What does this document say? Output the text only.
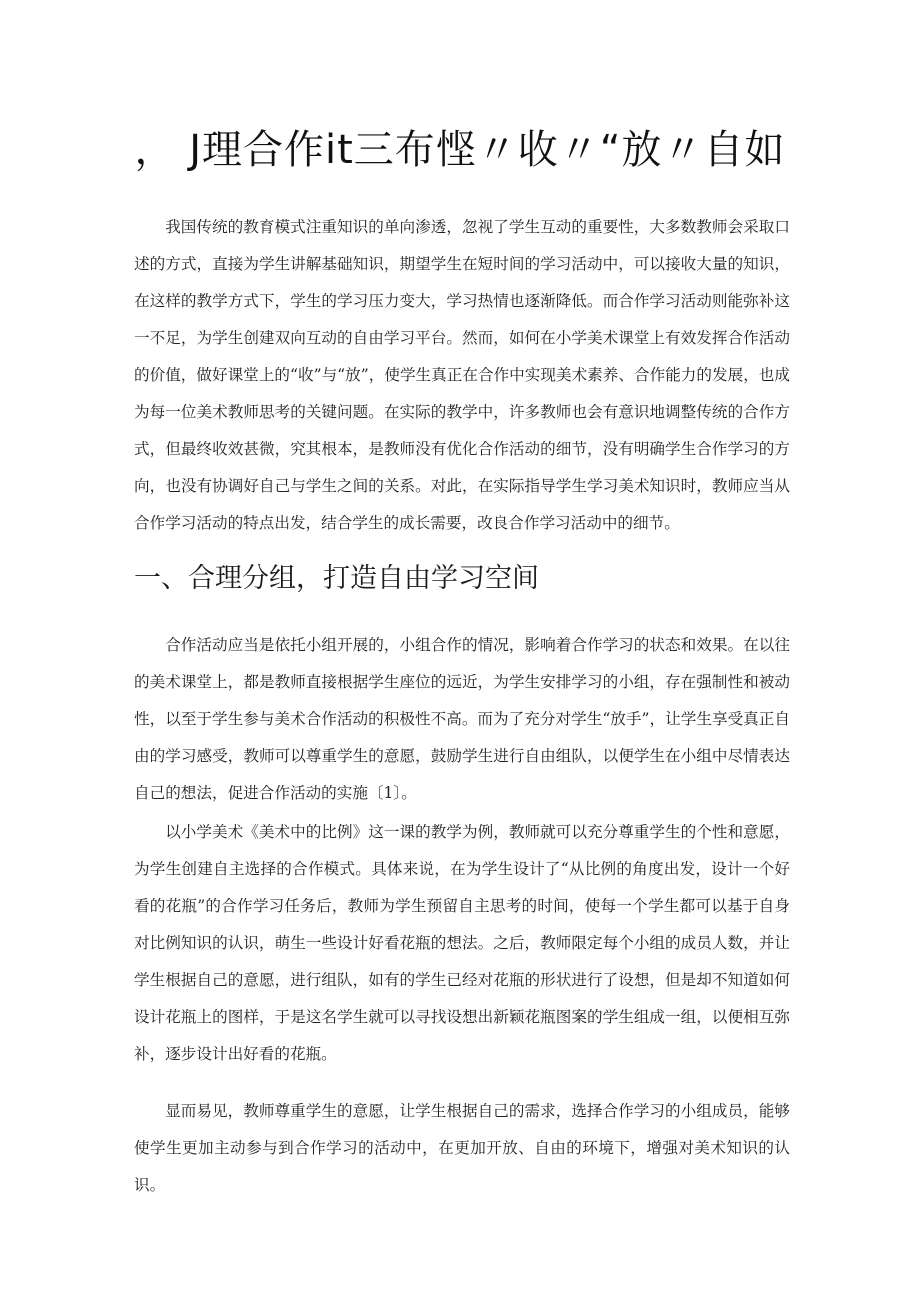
， J理合作it三布悭〃收〃“放〃自如

我国传统的教育模式注重知识的单向渗透，忽视了学生互动的重要性，大多数教师会采取口述的方式，直接为学生讲解基础知识，期望学生在短时间的学习活动中，可以接收大量的知识，在这样的教学方式下，学生的学习压力变大，学习热情也逐渐降低。而合作学习活动则能弥补这一不足，为学生创建双向互动的自由学习平台。然而，如何在小学美术课堂上有效发挥合作活动的价值，做好课堂上的“收”与“放”，使学生真正在合作中实现美术素养、合作能力的发展，也成为每一位美术教师思考的关键问题。在实际的教学中，许多教师也会有意识地调整传统的合作方式，但最终收效甚微，究其根本，是教师没有优化合作活动的细节，没有明确学生合作学习的方向，也没有协调好自己与学生之间的关系。对此，在实际指导学生学习美术知识时，教师应当从合作学习活动的特点出发，结合学生的成长需要，改良合作学习活动中的细节。

一、合理分组，打造自由学习空间

合作活动应当是依托小组开展的，小组合作的情况，影响着合作学习的状态和效果。在以往的美术课堂上，都是教师直接根据学生座位的远近，为学生安排学习的小组，存在强制性和被动性，以至于学生参与美术合作活动的积极性不高。而为了充分对学生“放手”，让学生享受真正自由的学习感受，教师可以尊重学生的意愿，鼓励学生进行自由组队，以便学生在小组中尽情表达自己的想法，促进合作活动的实施〔1〕。

以小学美术《美术中的比例》这一课的教学为例，教师就可以充分尊重学生的个性和意愿，为学生创建自主选择的合作模式。具体来说，在为学生设计了“从比例的角度出发，设计一个好看的花瓶”的合作学习任务后，教师为学生预留自主思考的时间，使每一个学生都可以基于自身对比例知识的认识，萌生一些设计好看花瓶的想法。之后，教师限定每个小组的成员人数，并让学生根据自己的意愿，进行组队，如有的学生已经对花瓶的形状进行了设想，但是却不知道如何设计花瓶上的图样，于是这名学生就可以寻找设想出新颖花瓶图案的学生组成一组，以便相互弥补，逐步设计出好看的花瓶。

显而易见，教师尊重学生的意愿，让学生根据自己的需求，选择合作学习的小组成员，能够使学生更加主动参与到合作学习的活动中，在更加开放、自由的环境下，增强对美术知识的认识。
